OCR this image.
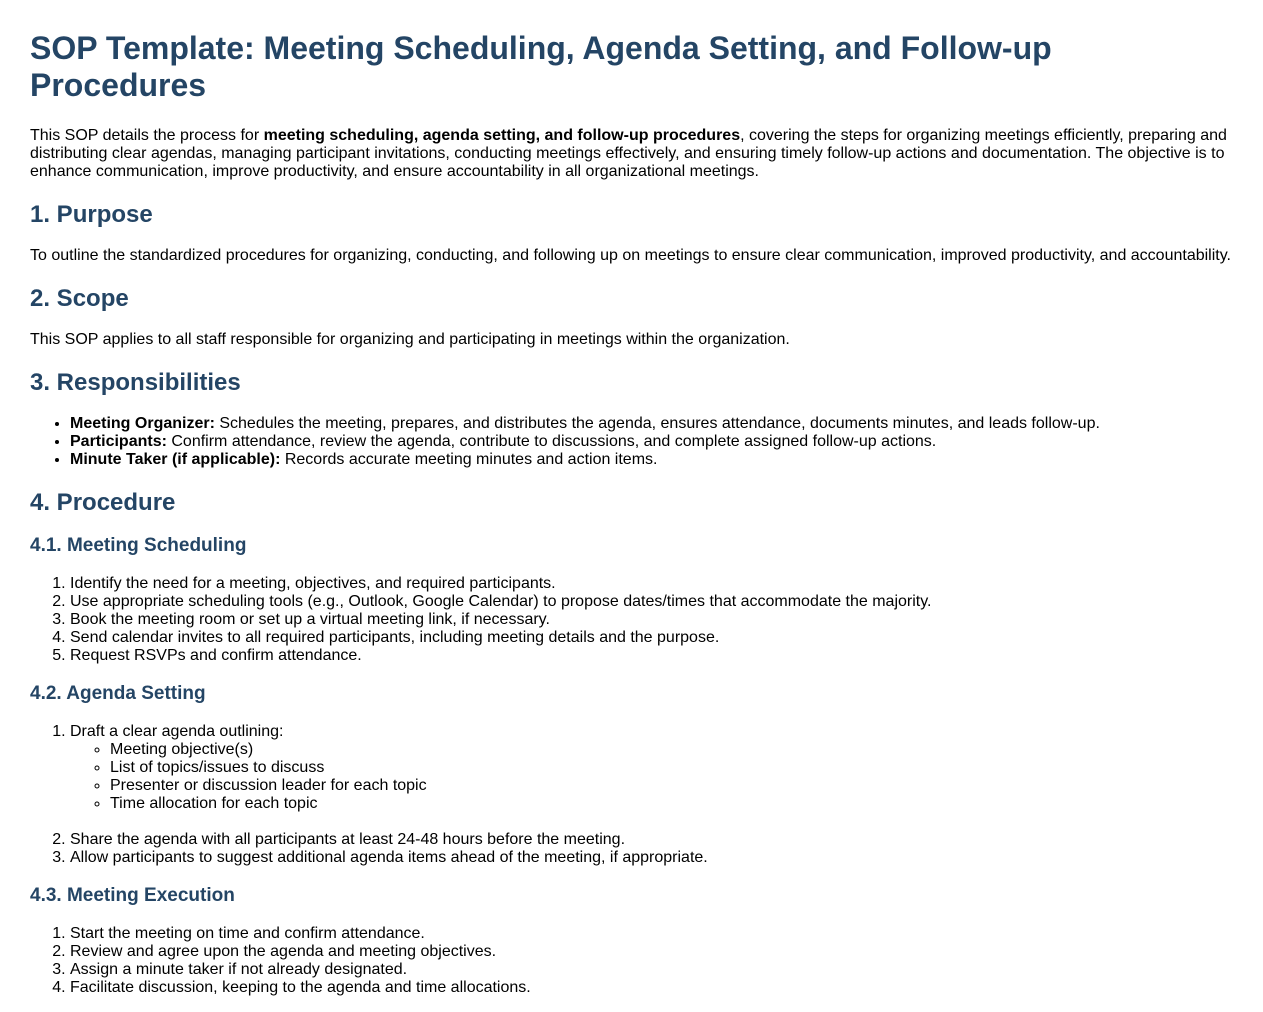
SOP Template: Meeting Scheduling, Agenda Setting, and Follow-up Procedures

This SOP details the process for meeting scheduling, agenda setting, and follow-up procedures, covering the steps for organizing meetings efficiently, preparing and distributing clear agendas, managing participant invitations, conducting meetings effectively, and ensuring timely follow-up actions and documentation. The objective is to enhance communication, improve productivity, and ensure accountability in all organizational meetings.

1. Purpose

To outline the standardized procedures for organizing, conducting, and following up on meetings to ensure clear communication, improved productivity, and accountability.

2. Scope

This SOP applies to all staff responsible for organizing and participating in meetings within the organization.

3. Responsibilities
• Meeting Organizer: Schedules the meeting, prepares, and distributes the agenda, ensures attendance, documents minutes, and leads follow-up.
• Participants: Confirm attendance, review the agenda, contribute to discussions, and complete assigned follow-up actions.
• Minute Taker (if applicable): Records accurate meeting minutes and action items.
4. Procedure
4.1. Meeting Scheduling
1. Identify the need for a meeting, objectives, and required participants.
2. Use appropriate scheduling tools (e.g., Outlook, Google Calendar) to propose dates/times that accommodate the majority.
3. Book the meeting room or set up a virtual meeting link, if necessary.
4. Send calendar invites to all required participants, including meeting details and the purpose.
5. Request RSVPs and confirm attendance.
4.2. Agenda Setting
1. Draft a clear agenda outlining:
◦ Meeting objective(s)
◦ List of topics/issues to discuss
◦ Presenter or discussion leader for each topic
◦ Time allocation for each topic
2. Share the agenda with all participants at least 24-48 hours before the meeting.
3. Allow participants to suggest additional agenda items ahead of the meeting, if appropriate.
4.3. Meeting Execution
1. Start the meeting on time and confirm attendance.
2. Review and agree upon the agenda and meeting objectives.
3. Assign a minute taker if not already designated.
4. Facilitate discussion, keeping to the agenda and time allocations.
